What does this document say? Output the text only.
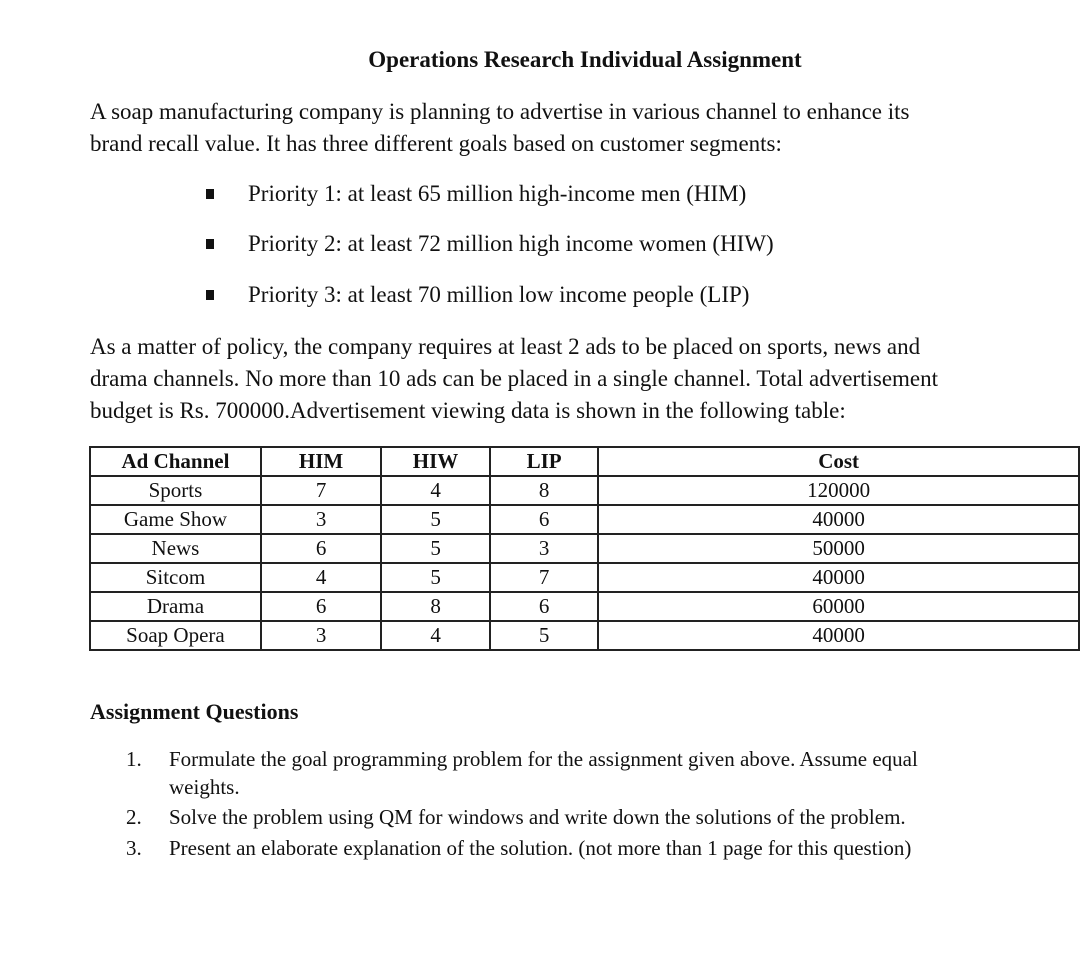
Operations Research Individual Assignment
A soap manufacturing company is planning to advertise in various channel to enhance its
brand recall value. It has three different goals based on customer segments:
Priority 1: at least 65 million high-income men (HIM)
Priority 2: at least 72 million high income women (HIW)
Priority 3: at least 70 million low income people (LIP)
As a matter of policy, the company requires at least 2 ads to be placed on sports, news and
drama channels. No more than 10 ads can be placed in a single channel. Total advertisement
budget is Rs. 700000.Advertisement viewing data is shown in the following table:
Ad Channel	HIM	HIW	LIP	Cost
Sports	7	4	8	120000
Game Show	3	5	6	40000
News	6	5	3	50000
Sitcom	4	5	7	40000
Drama	6	8	6	60000
Soap Opera	3	4	5	40000
Assignment Questions
1. Formulate the goal programming problem for the assignment given above. Assume equal
weights.
2. Solve the problem using QM for windows and write down the solutions of the problem.
3. Present an elaborate explanation of the solution. (not more than 1 page for this question)
